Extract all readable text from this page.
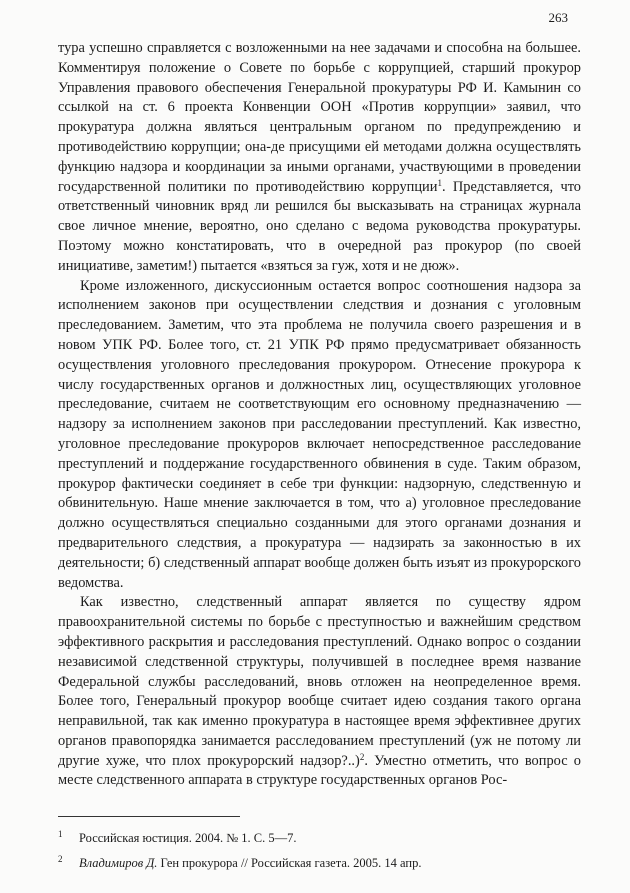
263

тура успешно справляется с возложенными на нее задачами и способна на большее. Комментируя положение о Совете по борьбе с коррупцией, старший прокурор Управления правового обеспечения Генеральной прокуратуры РФ И. Камынин со ссылкой на ст. 6 проекта Конвенции ООН «Против коррупции» заявил, что прокуратура должна являться центральным органом по предупреждению и противодействию коррупции; она-де присущими ей методами должна осуществлять функцию надзора и координации за иными органами, участвующими в проведении государственной политики по противодействию коррупции$^1$. Представляется, что ответственный чиновник вряд ли решился бы высказывать на страницах журнала свое личное мнение, вероятно, оно сделано с ведома руководства прокуратуры. Поэтому можно констатировать, что в очередной раз прокурор (по своей инициативе, заметим!) пытается «взяться за гуж, хотя и не дюж».

Кроме изложенного, дискуссионным остается вопрос соотношения надзора за исполнением законов при осуществлении следствия и дознания с уголовным преследованием. Заметим, что эта проблема не получила своего разрешения и в новом УПК РФ. Более того, ст. 21 УПК РФ прямо предусматривает обязанность осуществления уголовного преследования прокурором. Отнесение прокурора к числу государственных органов и должностных лиц, осуществляющих уголовное преследование, считаем не соответствующим его основному предназначению — надзору за исполнением законов при расследовании преступлений. Как известно, уголовное преследование прокуроров включает непосредственное расследование преступлений и поддержание государственного обвинения в суде. Таким образом, прокурор фактически соединяет в себе три функции: надзорную, следственную и обвинительную. Наше мнение заключается в том, что а) уголовное преследование должно осуществляться специально созданными для этого органами дознания и предварительного следствия, а прокуратура — надзирать за законностью в их деятельности; б) следственный аппарат вообще должен быть изъят из прокурорского ведомства.

Как известно, следственный аппарат является по существу ядром правоохранительной системы по борьбе с преступностью и важнейшим средством эффективного раскрытия и расследования преступлений. Однако вопрос о создании независимой следственной структуры, получившей в последнее время название Федеральной службы расследований, вновь отложен на неопределенное время. Более того, Генеральный прокурор вообще считает идею создания такого органа неправильной, так как именно прокуратура в настоящее время эффективнее других органов правопорядка занимается расследованием преступлений (уж не потому ли другие хуже, что плох прокурорский надзор?..)$^2$. Уместно отметить, что вопрос о месте следственного аппарата в структуре государственных органов Рос-

1 Российская юстиция. 2004. № 1. С. 5—7.

2 Владимиров Д. Ген прокурора // Российская газета. 2005. 14 апр.
